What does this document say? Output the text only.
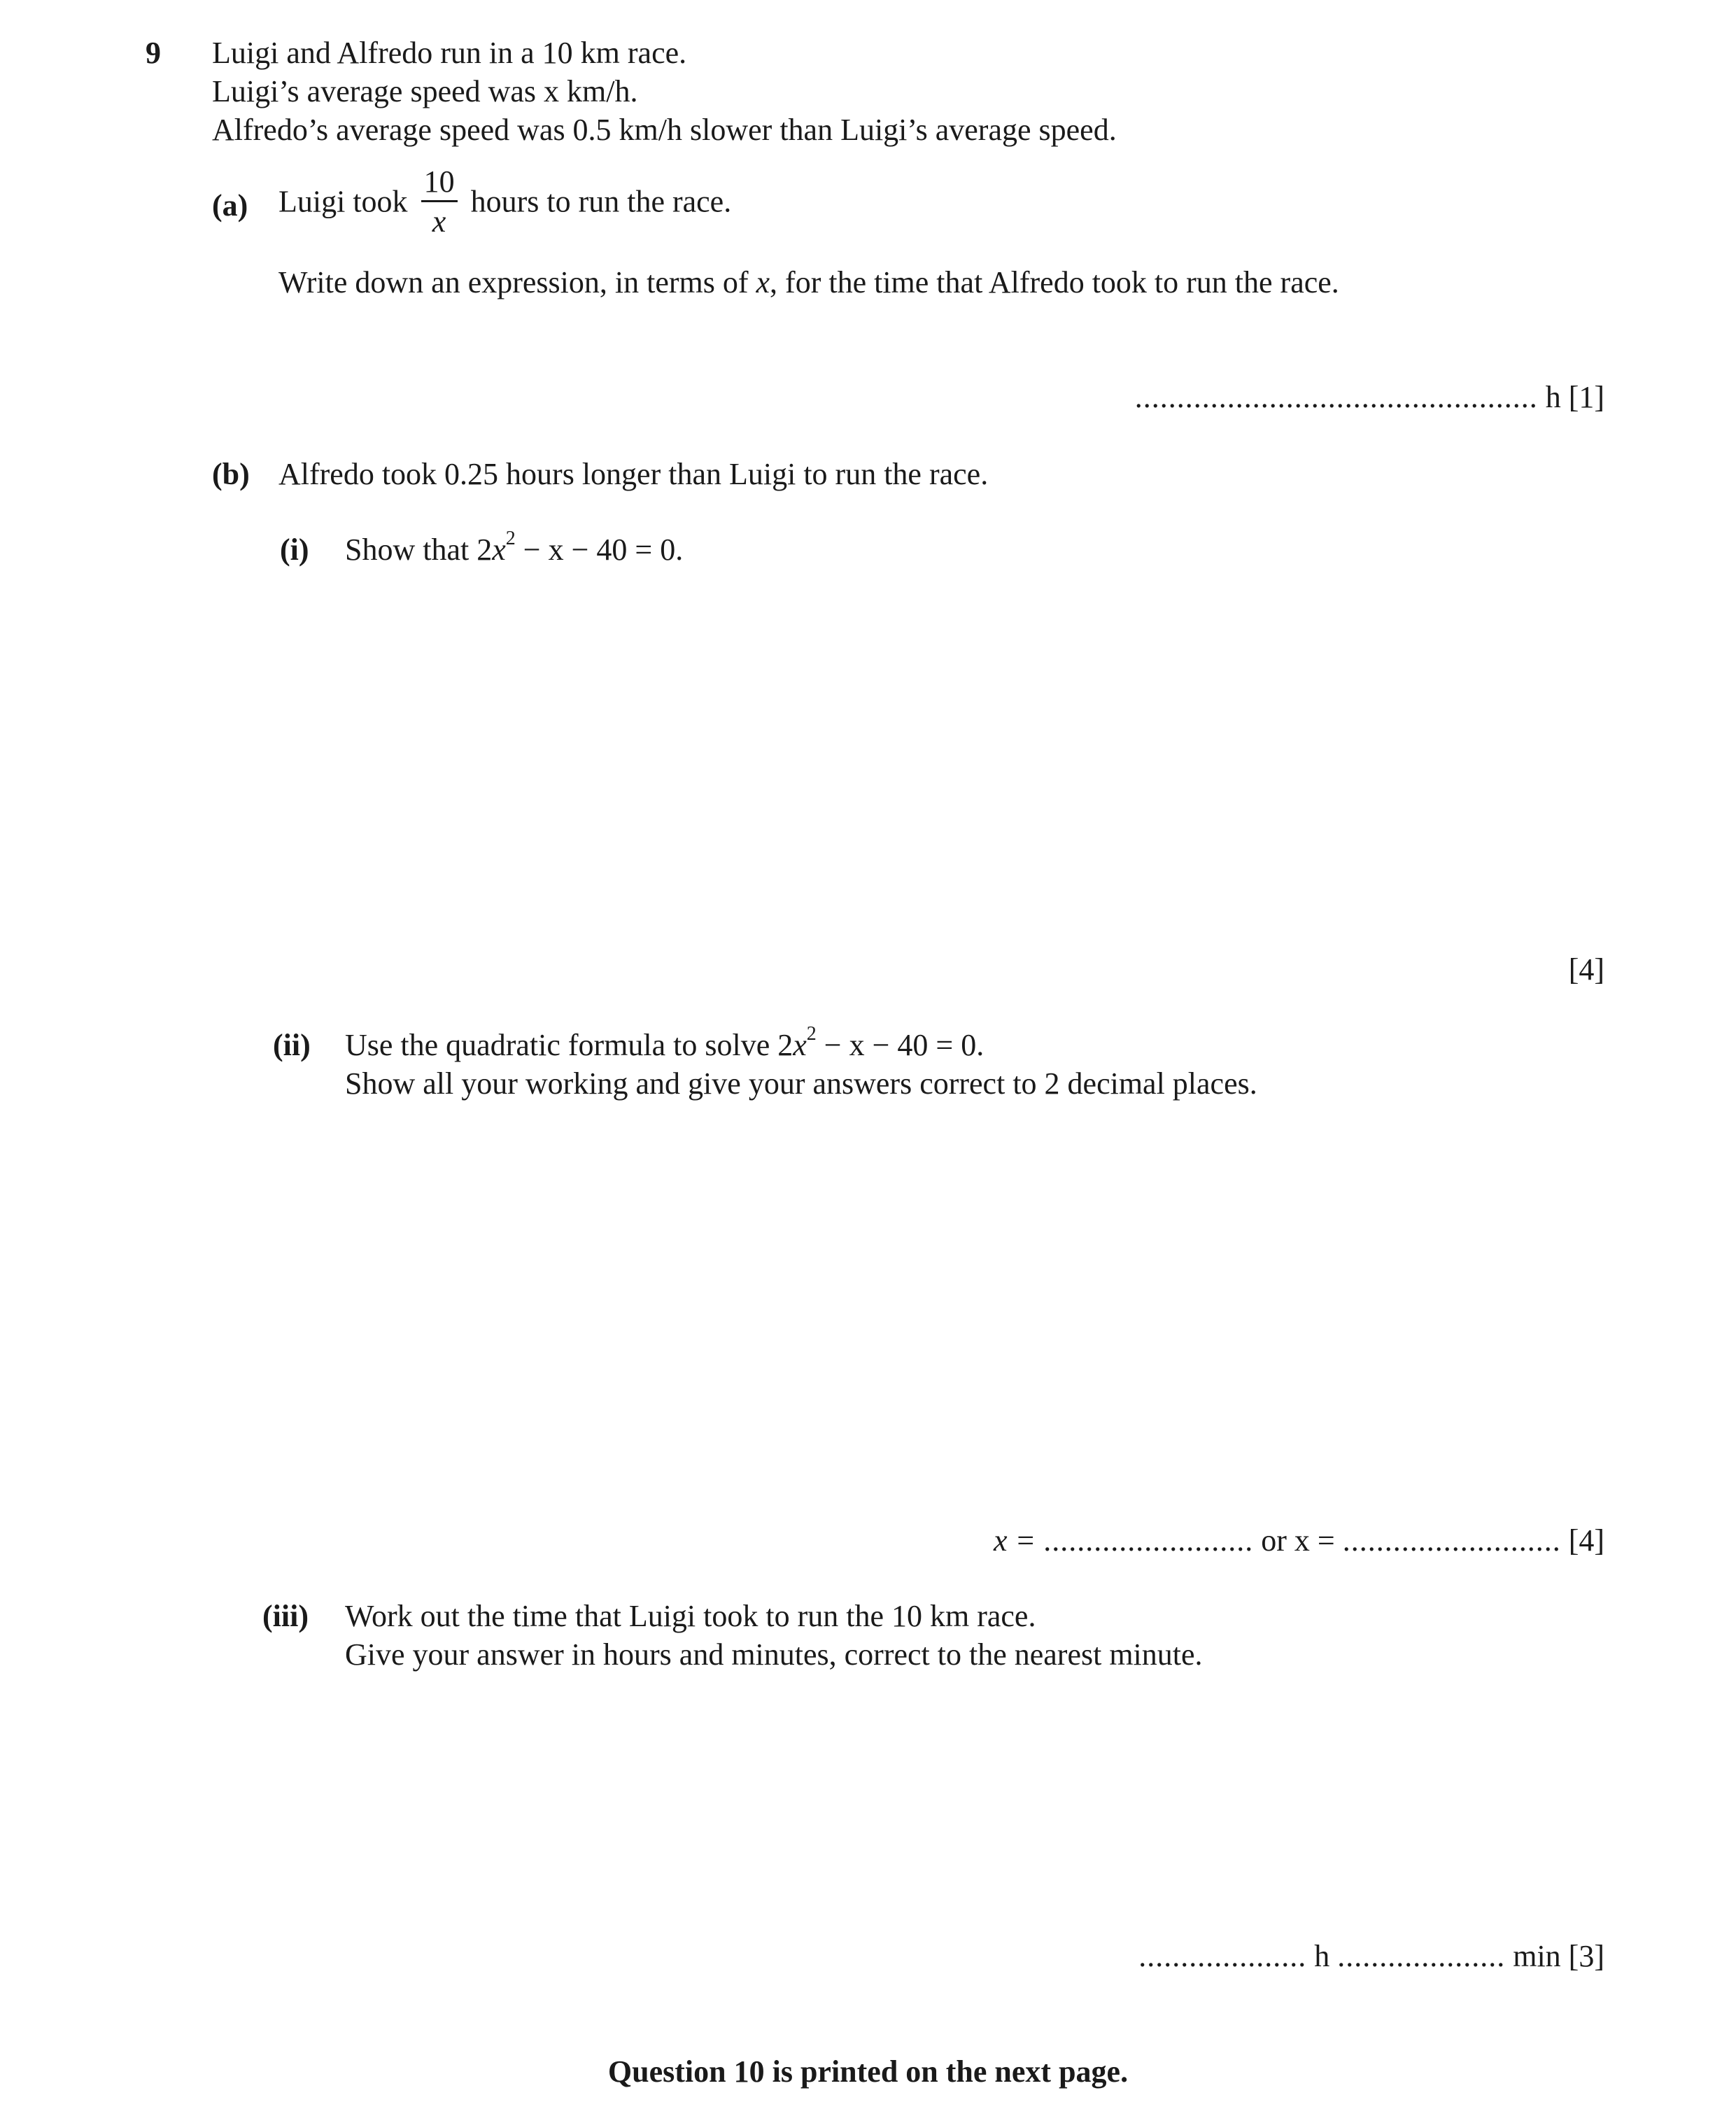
9 Luigi and Alfredo run in a 10 km race.
Luigi’s average speed was x km/h.
Alfredo’s average speed was 0.5 km/h slower than Luigi’s average speed.
(a) Luigi took $\frac{10}{x}$ hours to run the race.
Write down an expression, in terms of x, for the time that Alfredo took to run the race.
................................................ h [1]
(b) Alfredo took 0.25 hours longer than Luigi to run the race.
(i) Show that $2x^2 - x - 40 = 0$.
[4]
(ii) Use the quadratic formula to solve $2x^2 - x - 40 = 0$.
Show all your working and give your answers correct to 2 decimal places.
x = ......................... or x = .......................... [4]
(iii) Work out the time that Luigi took to run the 10 km race.
Give your answer in hours and minutes, correct to the nearest minute.
.................... h .................... min [3]
Question 10 is printed on the next page.
